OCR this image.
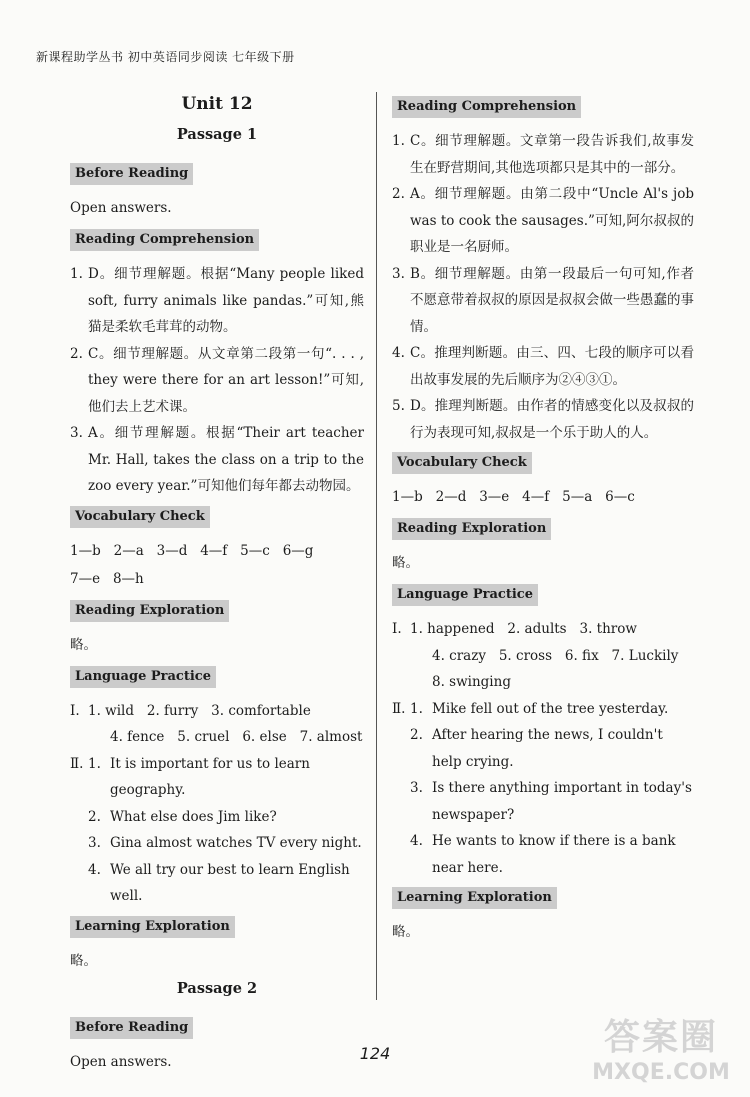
新课程助学丛书 初中英语同步阅读 七年级下册
Unit 12
Passage 1
Before Reading
Open answers.
Reading Comprehension
1. D。细节理解题。根据“Many people liked soft, furry animals like pandas.”可知,熊猫是柔软毛茸茸的动物。
2. C。细节理解题。从文章第二段第一句“. . . , they were there for an art lesson!”可知,他们去上艺术课。
3. A。细节理解题。根据“Their art teacher Mr. Hall, takes the class on a trip to the zoo every year.”可知他们每年都去动物园。
Vocabulary Check
1—b   2—a   3—d   4—f   5—c   6—g
7—e   8—h
Reading Exploration
略。
Language Practice
Ⅰ. 1. wild   2. furry   3. comfortable
4. fence   5. cruel   6. else   7. almost
Ⅱ. 1. It is important for us to learn geography.
2. What else does Jim like?
3. Gina almost watches TV every night.
4. We all try our best to learn English well.
Learning Exploration
略。
Passage 2
Before Reading
Open answers.
Reading Comprehension
1. C。细节理解题。文章第一段告诉我们,故事发生在野营期间,其他选项都只是其中的一部分。
2. A。细节理解题。由第二段中“Uncle Al's job was to cook the sausages.”可知,阿尔叔叔的职业是一名厨师。
3. B。细节理解题。由第一段最后一句可知,作者不愿意带着叔叔的原因是叔叔会做一些愚蠢的事情。
4. C。推理判断题。由三、四、七段的顺序可以看出故事发展的先后顺序为②④③①。
5. D。推理判断题。由作者的情感变化以及叔叔的行为表现可知,叔叔是一个乐于助人的人。
Vocabulary Check
1—b   2—d   3—e   4—f   5—a   6—c
Reading Exploration
略。
Language Practice
Ⅰ. 1. happened   2. adults   3. throw
4. crazy   5. cross   6. fix   7. Luckily
8. swinging
Ⅱ. 1. Mike fell out of the tree yesterday.
2. After hearing the news, I couldn't help crying.
3. Is there anything important in today's newspaper?
4. He wants to know if there is a bank near here.
Learning Exploration
略。
124	答案圈
MXQE.COM
